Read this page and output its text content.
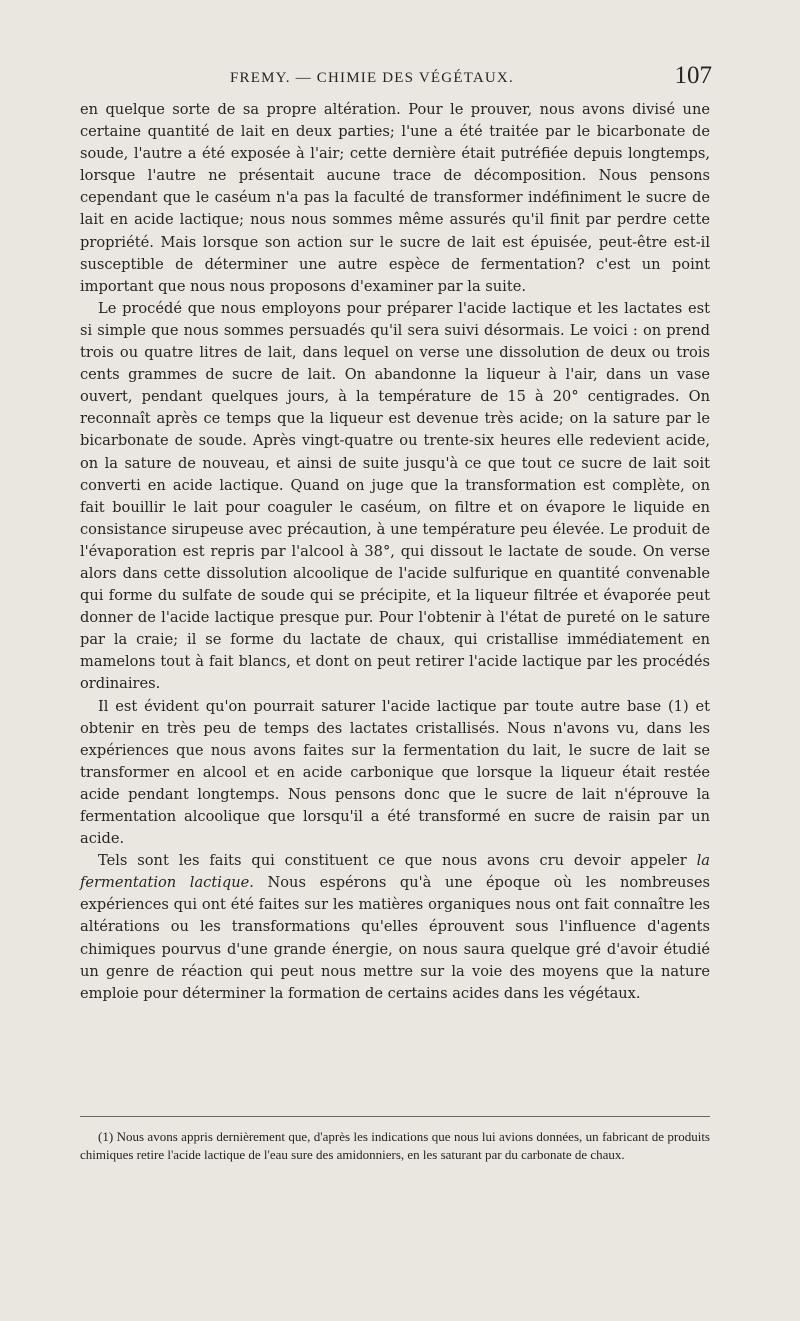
FREMY. — CHIMIE DES VÉGÉTAUX.	107

en quelque sorte de sa propre altération. Pour le prouver, nous avons divisé une certaine quantité de lait en deux parties; l'une a été traitée par le bicarbonate de soude, l'autre a été exposée à l'air; cette dernière était putréfiée depuis longtemps, lorsque l'autre ne présentait aucune trace de décomposition. Nous pensons cependant que le caséum n'a pas la faculté de transformer indéfiniment le sucre de lait en acide lactique; nous nous sommes même assurés qu'il finit par perdre cette propriété. Mais lorsque son action sur le sucre de lait est épuisée, peut-être est-il susceptible de déterminer une autre espèce de fermentation? c'est un point important que nous nous proposons d'examiner par la suite.

Le procédé que nous employons pour préparer l'acide lactique et les lactates est si simple que nous sommes persuadés qu'il sera suivi désormais. Le voici : on prend trois ou quatre litres de lait, dans lequel on verse une dissolution de deux ou trois cents grammes de sucre de lait. On abandonne la liqueur à l'air, dans un vase ouvert, pendant quelques jours, à la température de 15 à 20° centigrades. On reconnaît après ce temps que la liqueur est devenue très acide; on la sature par le bicarbonate de soude. Après vingt-quatre ou trente-six heures elle redevient acide, on la sature de nouveau, et ainsi de suite jusqu'à ce que tout ce sucre de lait soit converti en acide lactique. Quand on juge que la transformation est complète, on fait bouillir le lait pour coaguler le caséum, on filtre et on évapore le liquide en consistance sirupeuse avec précaution, à une température peu élevée. Le produit de l'évaporation est repris par l'alcool à 38°, qui dissout le lactate de soude. On verse alors dans cette dissolution alcoolique de l'acide sulfurique en quantité convenable qui forme du sulfate de soude qui se précipite, et la liqueur filtrée et évaporée peut donner de l'acide lactique presque pur. Pour l'obtenir à l'état de pureté on le sature par la craie; il se forme du lactate de chaux, qui cristallise immédiatement en mamelons tout à fait blancs, et dont on peut retirer l'acide lactique par les procédés ordinaires.

Il est évident qu'on pourrait saturer l'acide lactique par toute autre base (1) et obtenir en très peu de temps des lactates cristallisés. Nous n'avons vu, dans les expériences que nous avons faites sur la fermentation du lait, le sucre de lait se transformer en alcool et en acide carbonique que lorsque la liqueur était restée acide pendant longtemps. Nous pensons donc que le sucre de lait n'éprouve la fermentation alcoolique que lorsqu'il a été transformé en sucre de raisin par un acide.

Tels sont les faits qui constituent ce que nous avons cru devoir appeler la fermentation lactique. Nous espérons qu'à une époque où les nombreuses expériences qui ont été faites sur les matières organiques nous ont fait connaître les altérations ou les transformations qu'elles éprouvent sous l'influence d'agents chimiques pourvus d'une grande énergie, on nous saura quelque gré d'avoir étudié un genre de réaction qui peut nous mettre sur la voie des moyens que la nature emploie pour déterminer la formation de certains acides dans les végétaux.

(1) Nous avons appris dernièrement que, d'après les indications que nous lui avions données, un fabricant de produits chimiques retire l'acide lactique de l'eau sure des amidonniers, en les saturant par du carbonate de chaux.
